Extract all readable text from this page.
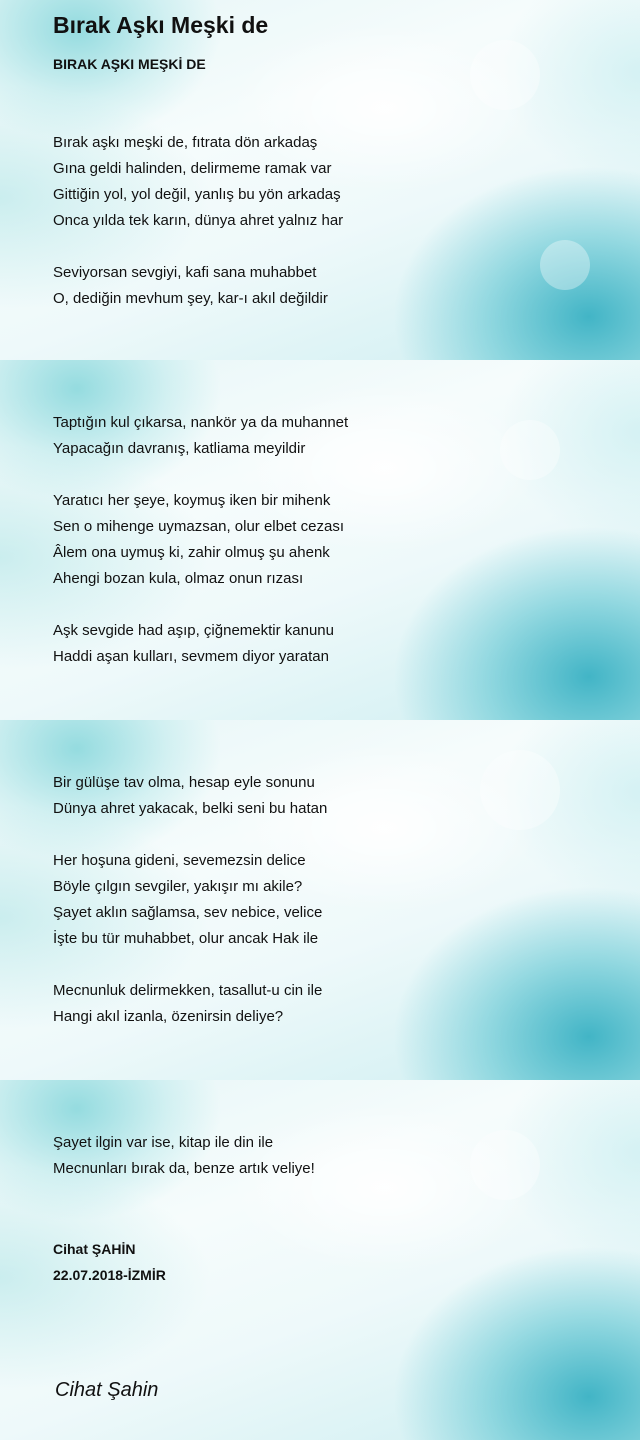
Bırak Aşkı Meşki de
BIRAK AŞKI MEŞKİ DE
Bırak aşkı meşki de, fıtrata dön arkadaş
Gına geldi halinden, delirmeme ramak var
Gittiğin yol, yol değil, yanlış bu yön arkadaş
Onca yılda tek karın, dünya ahret yalnız har
Seviyorsan sevgiyi, kafi sana muhabbet
O, dediğin mevhum şey, kar-ı akıl değildir
Taptığın kul çıkarsa, nankör ya da muhannet
Yapacağın davranış, katliama meyildir
Yaratıcı her şeye, koymuş iken bir mihenk
Sen o mihenge uymazsan, olur elbet cezası
Âlem ona uymuş ki, zahir olmuş şu ahenk
Ahengi bozan kula, olmaz onun rızası
Aşk sevgide had aşıp, çiğnemektir kanunu
Haddi aşan kulları, sevmem diyor yaratan
Bir gülüşe tav olma, hesap eyle sonunu
Dünya ahret yakacak, belki seni bu hatan
Her hoşuna gideni, sevemezsin delice
Böyle çılgın sevgiler, yakışır mı akile?
Şayet aklın sağlamsa, sev nebice, velice
İşte bu tür muhabbet, olur ancak Hak ile
Mecnunluk delirmekken, tasallut-u cin ile
Hangi akıl izanla, özenirsin deliye?
Şayet ilgin var ise, kitap ile din ile
Mecnunları bırak da, benze artık veliye!
Cihat ŞAHİN
22.07.2018-İZMİR
Cihat Şahin
